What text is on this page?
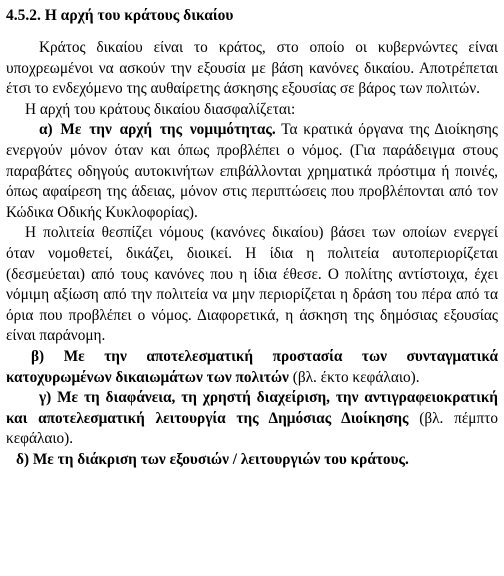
4.5.2. Η αρχή του κράτους δικαίου

Κράτος δικαίου είναι το κράτος, στο οποίο οι κυβερνώντες είναι υποχρεωμένοι να ασκούν την εξουσία με βάση κανόνες δικαίου. Αποτρέπεται έτσι το ενδεχόμενο της αυθαίρετης άσκησης εξουσίας σε βάρος των πολιτών.

Η αρχή του κράτους δικαίου διασφαλίζεται:

α) Με την αρχή της νομιμότητας. Τα κρατικά όργανα της Διοίκησης ενεργούν μόνον όταν και όπως προβλέπει ο νόμος. (Για παράδειγμα στους παραβάτες οδηγούς αυτοκινήτων επιβάλλονται χρηματικά πρόστιμα ή ποινές, όπως αφαίρεση της άδειας, μόνον στις περιπτώσεις που προβλέπονται από τον Κώδικα Οδικής Κυκλοφορίας).

Η πολιτεία θεσπίζει νόμους (κανόνες δικαίου) βάσει των οποίων ενεργεί όταν νομοθετεί, δικάζει, διοικεί. Η ίδια η πολιτεία αυτοπεριορίζεται (δεσμεύεται) από τους κανόνες που η ίδια έθεσε. Ο πολίτης αντίστοιχα, έχει νόμιμη αξίωση από την πολιτεία να μην περιορίζεται η δράση του πέρα από τα όρια που προβλέπει ο νόμος. Διαφορετικά, η άσκηση της δημόσιας εξουσίας είναι παράνομη.

β) Με την αποτελεσματική προστασία των συνταγματικά κατοχυρωμένων δικαιωμάτων των πολιτών (βλ. έκτο κεφάλαιο).

γ) Με τη διαφάνεια, τη χρηστή διαχείριση, την αντιγραφειοκρατική και αποτελεσματική λειτουργία της Δημόσιας Διοίκησης (βλ. πέμπτο κεφάλαιο).

δ) Με τη διάκριση των εξουσιών / λειτουργιών του κράτους.
